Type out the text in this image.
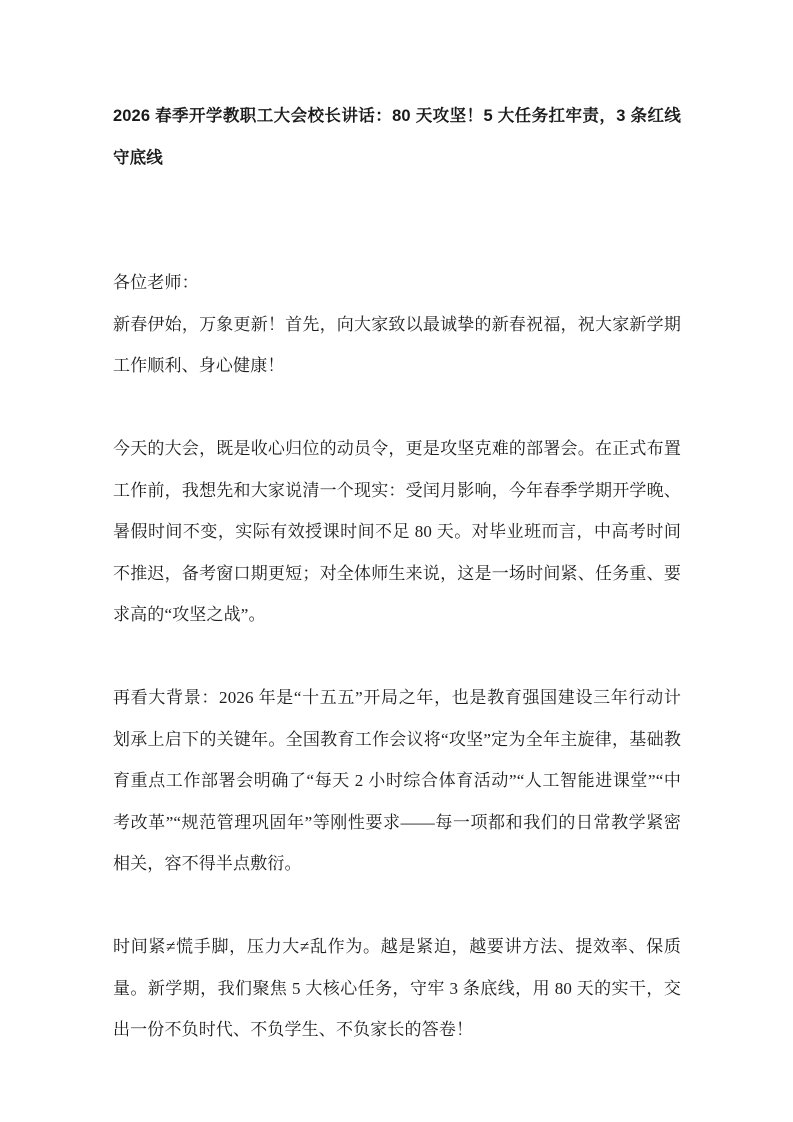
2026 春季开学教职工大会校长讲话：80 天攻坚！5 大任务扛牢责，3 条红线守底线

各位老师：

新春伊始，万象更新！首先，向大家致以最诚挚的新春祝福，祝大家新学期工作顺利、身心健康！

今天的大会，既是收心归位的动员令，更是攻坚克难的部署会。在正式布置工作前，我想先和大家说清一个现实：受闰月影响，今年春季学期开学晚、暑假时间不变，实际有效授课时间不足 80 天。对毕业班而言，中高考时间不推迟，备考窗口期更短；对全体师生来说，这是一场时间紧、任务重、要求高的“攻坚之战”。

再看大背景：2026 年是“十五五”开局之年，也是教育强国建设三年行动计划承上启下的关键年。全国教育工作会议将“攻坚”定为全年主旋律，基础教育重点工作部署会明确了“每天 2 小时综合体育活动”“人工智能进课堂”“中考改革”“规范管理巩固年”等刚性要求——每一项都和我们的日常教学紧密相关，容不得半点敷衍。

时间紧≠慌手脚，压力大≠乱作为。越是紧迫，越要讲方法、提效率、保质量。新学期，我们聚焦 5 大核心任务，守牢 3 条底线，用 80 天的实干，交出一份不负时代、不负学生、不负家长的答卷！
